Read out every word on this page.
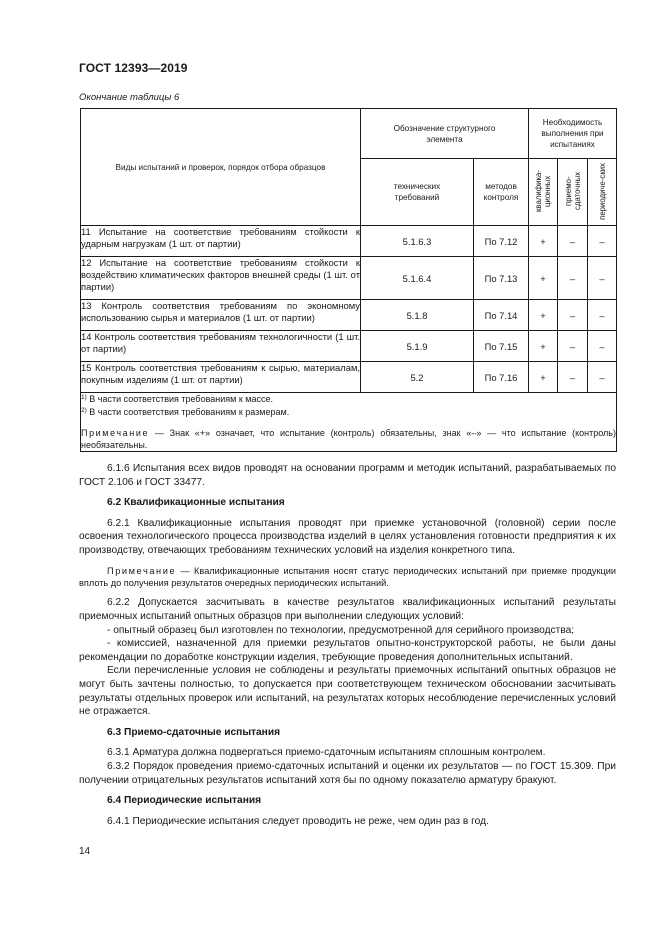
ГОСТ 12393—2019
Окончание таблицы 6
Виды испытаний и проверок, порядок отбора образцов	Обозначение структурного элемента		Необходимость выполнения при испытаниях		
	технических требований	методов контроля	квалифика-ционных	приемо-сдаточных	периодиче-ских
11 Испытание на соответствие требованиям стойкости к ударным нагрузкам (1 шт. от партии)	5.1.6.3	По 7.12	+	–	–
12 Испытание на соответствие требованиям стойкости к воздействию климатических факторов внешней среды (1 шт. от партии)	5.1.6.4	По 7.13	+	–	–
13 Контроль соответствия требованиям по экономному использованию сырья и материалов (1 шт. от партии)	5.1.8	По 7.14	+	–	–
14 Контроль соответствия требованиям технологичности (1 шт. от партии)	5.1.9	По 7.15	+	–	–
15 Контроль соответствия требованиям к сырью, материалам, покупным изделиям (1 шт. от партии)	5.2	По 7.16	+	–	–

$^{1)}$ В части соответствия требованиям к массе.
$^{2)}$ В части соответствия требованиям к размерам.
Примечание — Знак «+» означает, что испытание (контроль) обязательны, знак «–» — что испытание (контроль) необязательны.					

6.1.6 Испытания всех видов проводят на основании программ и методик испытаний, разрабатываемых по ГОСТ 2.106 и ГОСТ 33477.

6.2 Квалификационные испытания

6.2.1 Квалификационные испытания проводят при приемке установочной (головной) серии после освоения технологического процесса производства изделий в целях установления готовности предприятия к их производству, отвечающих требованиям технических условий на изделия конкретного типа.

Примечание — Квалификационные испытания носят статус периодических испытаний при приемке продукции вплоть до получения результатов очередных периодических испытаний.

6.2.2 Допускается засчитывать в качестве результатов квалификационных испытаний результаты приемочных испытаний опытных образцов при выполнении следующих условий:

- опытный образец был изготовлен по технологии, предусмотренной для серийного производства;

- комиссией, назначенной для приемки результатов опытно-конструкторской работы, не были даны рекомендации по доработке конструкции изделия, требующие проведения дополнительных испытаний.

Если перечисленные условия не соблюдены и результаты приемочных испытаний опытных образцов не могут быть зачтены полностью, то допускается при соответствующем техническом обосновании засчитывать результаты отдельных проверок или испытаний, на результатах которых несоблюдение перечисленных условий не отражается.

6.3 Приемо-сдаточные испытания

6.3.1 Арматура должна подвергаться приемо-сдаточным испытаниям сплошным контролем.

6.3.2 Порядок проведения приемо-сдаточных испытаний и оценки их результатов — по ГОСТ 15.309. При получении отрицательных результатов испытаний хотя бы по одному показателю арматуру бракуют.

6.4 Периодические испытания

6.4.1 Периодические испытания следует проводить не реже, чем один раз в год.

14
